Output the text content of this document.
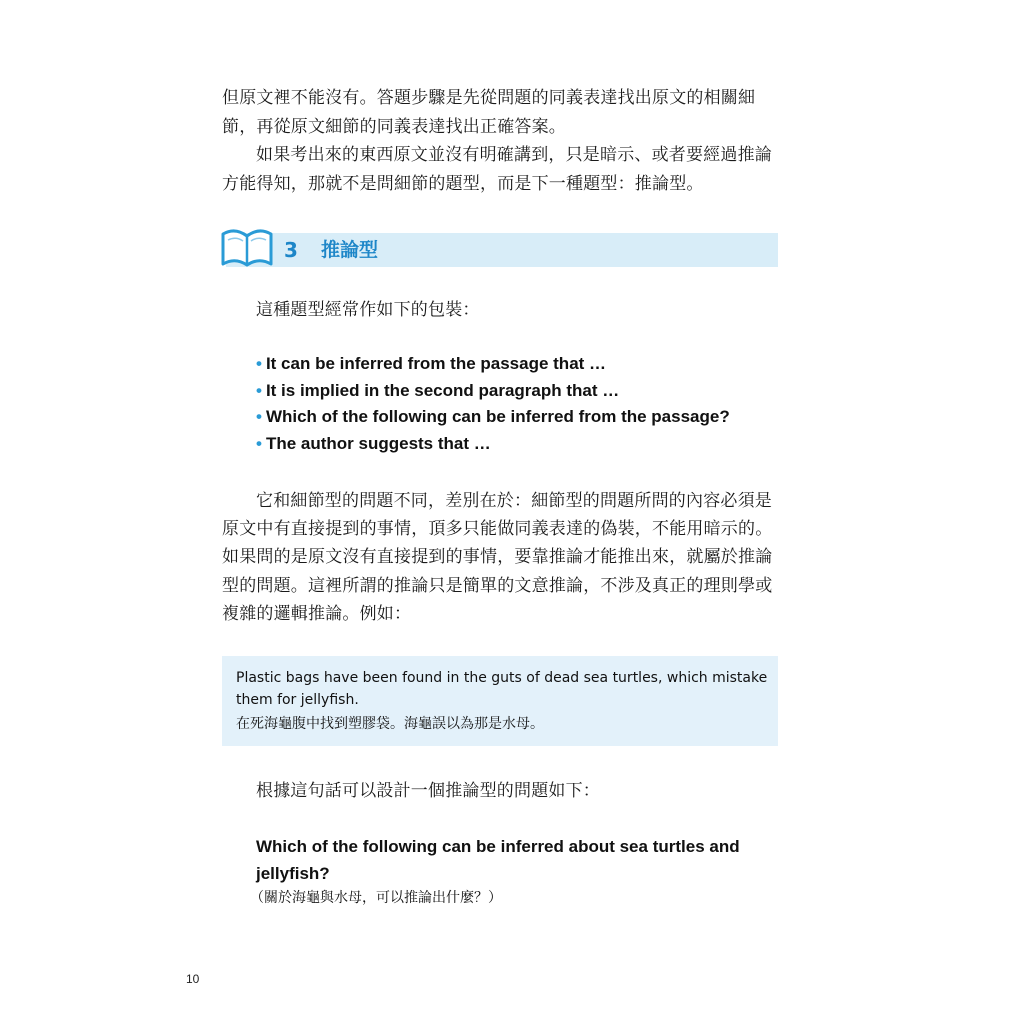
但原文裡不能沒有。答題步驟是先從問題的同義表達找出原文的相關細節，再從原文細節的同義表達找出正確答案。

如果考出來的東西原文並沒有明確講到，只是暗示、或者要經過推論方能得知，那就不是問細節的題型，而是下一種題型：推論型。

3 推論型

這種題型經常作如下的包裝：

• It can be inferred from the passage that …
• It is implied in the second paragraph that …
• Which of the following can be inferred from the passage?
• The author suggests that …

它和細節型的問題不同，差別在於：細節型的問題所問的內容必須是原文中有直接提到的事情，頂多只能做同義表達的偽裝，不能用暗示的。如果問的是原文沒有直接提到的事情，要靠推論才能推出來，就屬於推論型的問題。這裡所謂的推論只是簡單的文意推論，不涉及真正的理則學或複雜的邏輯推論。例如：

Plastic bags have been found in the guts of dead sea turtles, which mistake them for jellyfish.

在死海龜腹中找到塑膠袋。海龜誤以為那是水母。

根據這句話可以設計一個推論型的問題如下：

Which of the following can be inferred about sea turtles and jellyfish?

（關於海龜與水母，可以推論出什麼？）

10
